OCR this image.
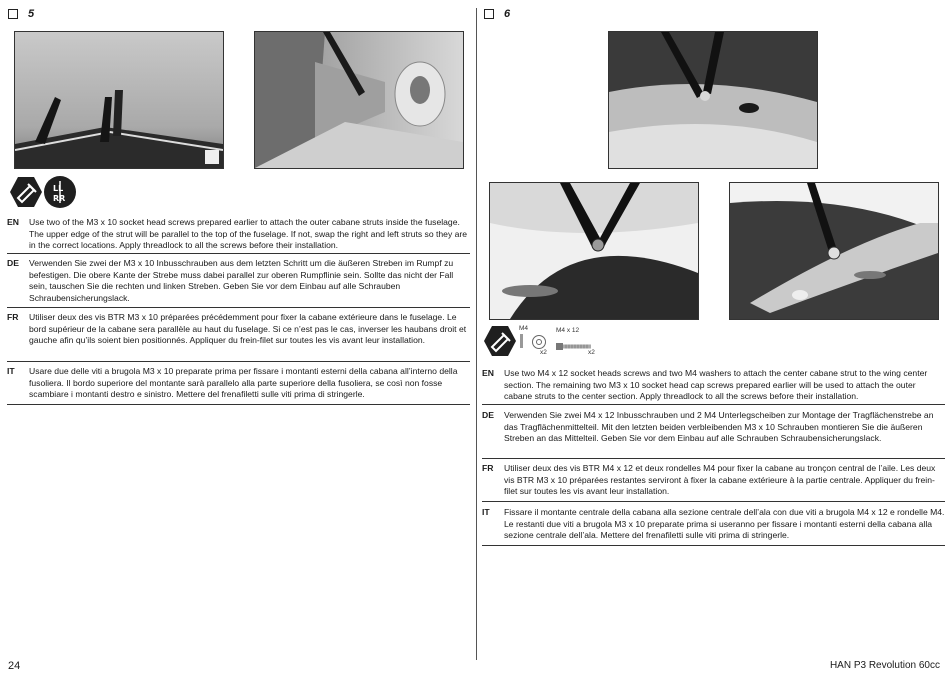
5
LL
RR
EN	Use two of the M3 x 10 socket head screws prepared earlier to attach the outer cabane struts inside the fuselage. The upper edge of the strut will be parallel to the top of the fuselage. If not, swap the right and left struts so they are in the correct locations. Apply threadlock to all the screws before their installation.
DE	Verwenden Sie zwei der M3 x 10 Inbusschrauben aus dem letzten Schritt um die äußeren Streben im Rumpf zu befestigen. Die obere Kante der Strebe muss dabei parallel zur oberen Rumpflinie sein. Sollte das nicht der Fall sein, tauschen Sie die rechten und linken Streben. Geben Sie vor dem Einbau auf alle Schrauben Schraubensicherungslack.
FR	Utiliser deux des vis BTR M3 x 10 préparées précédemment pour fixer la cabane extérieure dans le fuselage. Le bord supérieur de la cabane sera parallèle au haut du fuselage. Si ce n’est pas le cas, inverser les haubans droit et gauche afin qu’ils soient bien positionnés. Appliquer du frein-filet sur toutes les vis avant leur installation.
IT	Usare due delle viti a brugola M3 x 10 preparate prima per fissare i montanti esterni della cabana all’interno della fusoliera. Il bordo superiore del montante sarà parallelo alla parte superiore della fusoliera, se così non fosse scambiare i montanti destro e sinistro. Mettere del frenafiletti sulle viti prima di stringerle.
6
M4
x2
M4 x 12
x2
EN	Use two M4 x 12 socket heads screws and two M4 washers to attach the center cabane strut to the wing center section. The remaining two M3 x 10 socket head cap screws prepared earlier will be used to attach the outer cabane struts to the center section. Apply threadlock to all the screws before their installation.
DE	Verwenden Sie zwei M4 x 12 Inbusschrauben und 2 M4 Unterlegscheiben zur Montage der Tragflächenstrebe an das Tragflächenmittelteil. Mit den letzten beiden verbleibenden M3 x 10 Schrauben montieren Sie die äußeren Streben an das Mittelteil. Geben Sie vor dem Einbau auf alle Schrauben Schraubensicherungslack.
FR	Utiliser deux des vis BTR M4 x 12 et deux rondelles M4 pour fixer la cabane au tronçon central de l’aile. Les deux vis BTR M3 x 10 préparées restantes serviront à fixer la cabane extérieure à la partie centrale. Appliquer du frein-filet sur toutes les vis avant leur installation.
IT	Fissare il montante centrale della cabana alla sezione centrale dell’ala con due viti a brugola M4 x 12 e rondelle M4. Le restanti due viti a brugola M3 x 10 preparate prima si useranno per fissare i montanti esterni della cabana alla sezione centrale dell’ala. Mettere del frenafiletti sulle viti prima di stringerle.
24	HAN P3 Revolution 60cc
